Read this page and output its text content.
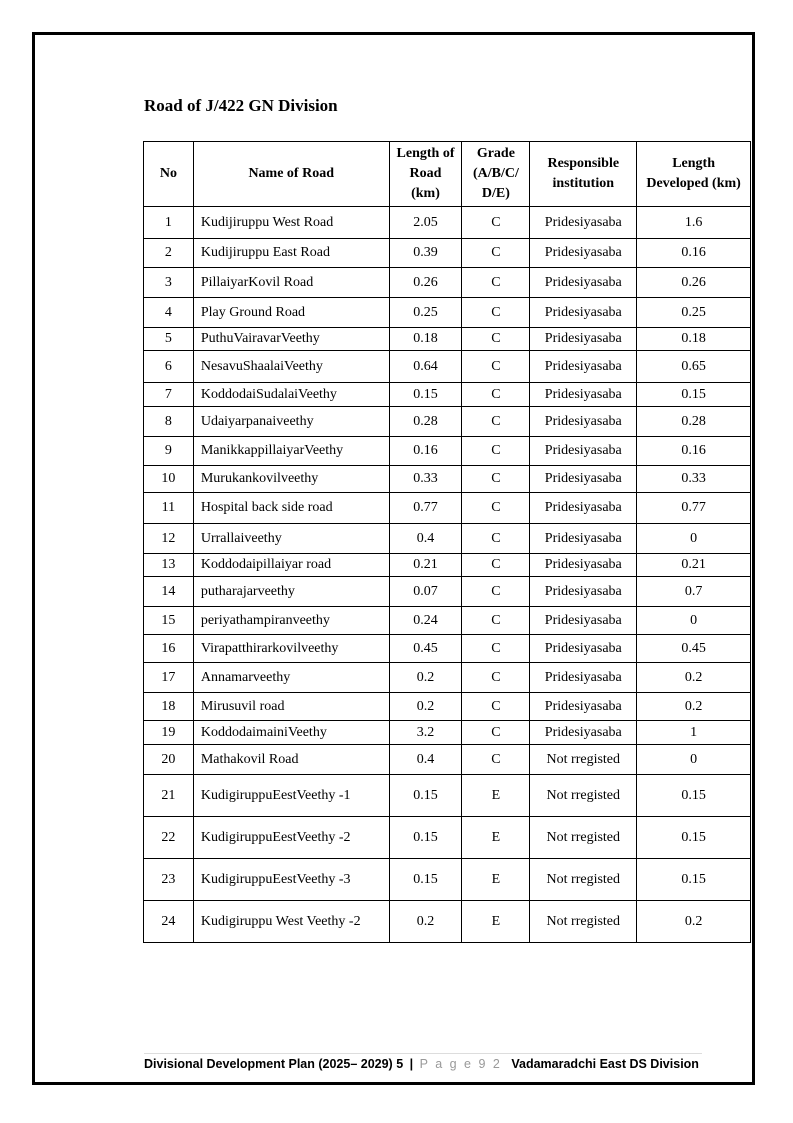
Road of J/422 GN Division
No	Name of Road	Length of Road (km)	Grade (A/B/C/ D/E)	Responsible institution	Length Developed (km)
1	Kudijiruppu West Road	2.05	C	Pridesiyasaba	1.6
2	Kudijiruppu East Road	0.39	C	Pridesiyasaba	0.16
3	PillaiyarKovil Road	0.26	C	Pridesiyasaba	0.26
4	Play Ground Road	0.25	C	Pridesiyasaba	0.25
5	PuthuVairavarVeethy	0.18	C	Pridesiyasaba	0.18
6	NesavuShaalaiVeethy	0.64	C	Pridesiyasaba	0.65
7	KoddodaiSudalaiVeethy	0.15	C	Pridesiyasaba	0.15
8	Udaiyarpanaiveethy	0.28	C	Pridesiyasaba	0.28
9	ManikkappillaiyarVeethy	0.16	C	Pridesiyasaba	0.16
10	Murukankovilveethy	0.33	C	Pridesiyasaba	0.33
11	Hospital back side road	0.77	C	Pridesiyasaba	0.77
12	Urrallaiveethy	0.4	C	Pridesiyasaba	0
13	Koddodaipillaiyar road	0.21	C	Pridesiyasaba	0.21
14	putharajarveethy	0.07	C	Pridesiyasaba	0.7
15	periyathampiranveethy	0.24	C	Pridesiyasaba	0
16	Virapatthirarkovilveethy	0.45	C	Pridesiyasaba	0.45
17	Annamarveethy	0.2	C	Pridesiyasaba	0.2
18	Mirusuvil road	0.2	C	Pridesiyasaba	0.2
19	KoddodaimainiVeethy	3.2	C	Pridesiyasaba	1
20	Mathakovil Road	0.4	C	Not rregisted	0
21	KudigiruppuEestVeethy -1	0.15	E	Not rregisted	0.15
22	KudigiruppuEestVeethy -2	0.15	E	Not rregisted	0.15
23	KudigiruppuEestVeethy -3	0.15	E	Not rregisted	0.15
24	Kudigiruppu West Veethy -2	0.2	E	Not rregisted	0.2
Divisional Development Plan (2025– 2029) 5 | P a g e 9 2 Vadamaradchi East DS Division
